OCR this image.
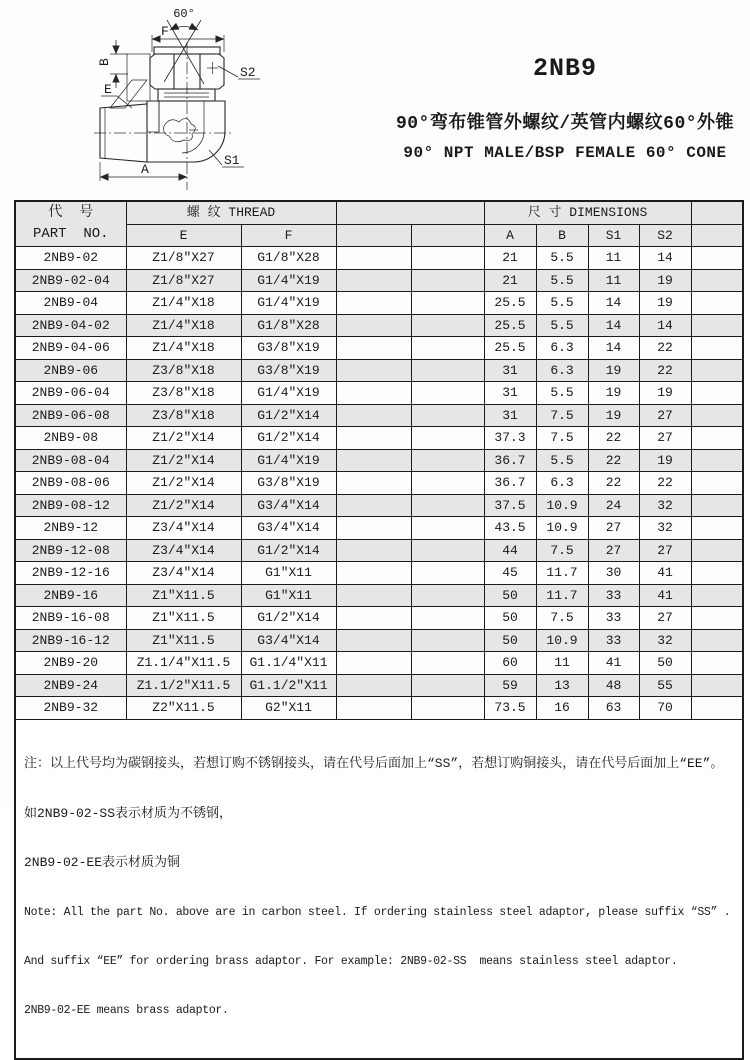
60°
F
B
E
S2
S1
A
2NB9
90°弯布锥管外螺纹/英管内螺纹60°外锥
90° NPT MALE/BSP FEMALE 60° CONE
代  号
PART  NO.	螺 纹 THREAD				尺 寸 DIMENSIONS				
	E	F			A	B	S1	S2	
2NB9-02	Z1/8″X27	G1/8″X28			21	5.5	11	14	
2NB9-02-04	Z1/8″X27	G1/4″X19			21	5.5	11	19	
2NB9-04	Z1/4″X18	G1/4″X19			25.5	5.5	14	19	
2NB9-04-02	Z1/4″X18	G1/8″X28			25.5	5.5	14	14	
2NB9-04-06	Z1/4″X18	G3/8″X19			25.5	6.3	14	22	
2NB9-06	Z3/8″X18	G3/8″X19			31	6.3	19	22	
2NB9-06-04	Z3/8″X18	G1/4″X19			31	5.5	19	19	
2NB9-06-08	Z3/8″X18	G1/2″X14			31	7.5	19	27	
2NB9-08	Z1/2″X14	G1/2″X14			37.3	7.5	22	27	
2NB9-08-04	Z1/2″X14	G1/4″X19			36.7	5.5	22	19	
2NB9-08-06	Z1/2″X14	G3/8″X19			36.7	6.3	22	22	
2NB9-08-12	Z1/2″X14	G3/4″X14			37.5	10.9	24	32	
2NB9-12	Z3/4″X14	G3/4″X14			43.5	10.9	27	32	
2NB9-12-08	Z3/4″X14	G1/2″X14			44	7.5	27	27	
2NB9-12-16	Z3/4″X14	G1″X11			45	11.7	30	41	
2NB9-16	Z1″X11.5	G1″X11			50	11.7	33	41	
2NB9-16-08	Z1″X11.5	G1/2″X14			50	7.5	33	27	
2NB9-16-12	Z1″X11.5	G3/4″X14			50	10.9	33	32	
2NB9-20	Z1.1/4″X11.5	G1.1/4″X11			60	11	41	50	
2NB9-24	Z1.1/2″X11.5	G1.1/2″X11			59	13	48	55	
2NB9-32	Z2″X11.5	G2″X11			73.5	16	63	70	

注：以上代号均为碳钢接头，若想订购不锈钢接头，请在代号后面加上“SS”，若想订购铜接头，请在代号后面加上“EE”。

如2NB9-02-SS表示材质为不锈钢，

2NB9-02-EE表示材质为铜

Note: All the part No. above are in carbon steel. If ordering stainless steel adaptor, please suffix “SS” .

And suffix “EE” for ordering brass adaptor. For example: 2NB9-02-SS  means stainless steel adaptor.

2NB9-02-EE means brass adaptor.
